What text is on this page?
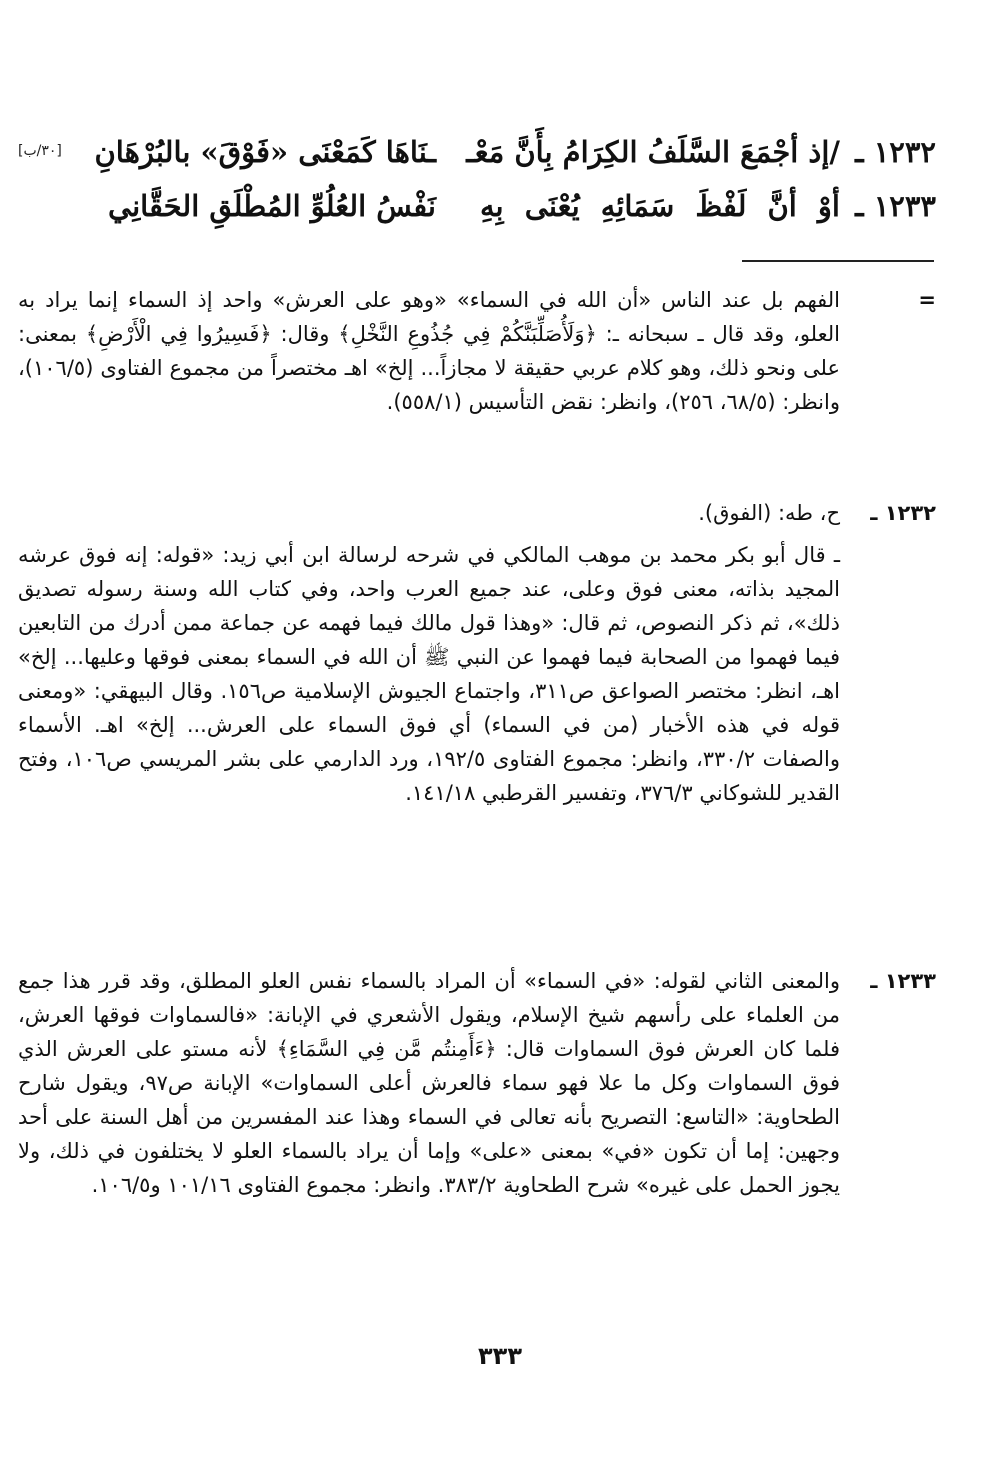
١٢٣٢ ـ
/إذ أجْمَعَ السَّلَفُ الكِرَامُ بِأَنَّ مَعْـ
ـنَاهَا كَمَعْنَى «فَوْقَ» بالبُرْهَانِ
[٣٠/ب]
١٢٣٣ ـ
أوْ أنَّ لَفْظَ سَمَائِهِ يُعْنَى بِهِ
نَفْسُ العُلُوِّ المُطْلَقِ الحَقَّانِي
=
الفهم بل عند الناس «أن الله في السماء» «وهو على العرش» واحد إذ السماء إنما يراد به العلو، وقد قال ـ سبحانه ـ: ﴿وَلَأُصَلِّبَنَّكُمْ فِي جُذُوعِ النَّخْلِ﴾ وقال: ﴿فَسِيرُوا فِي الْأَرْضِ﴾ بمعنى: على ونحو ذلك، وهو كلام عربي حقيقة لا مجازاً... إلخ» اهـ مختصراً من مجموع الفتاوى (١٠٦/٥)، وانظر: (٦٨/٥، ٢٥٦)، وانظر: نقض التأسيس (٥٥٨/١).
١٢٣٢ ـ
ح، طه: (الفوق).
ـ قال أبو بكر محمد بن موهب المالكي في شرحه لرسالة ابن أبي زيد: «قوله: إنه فوق عرشه المجيد بذاته، معنى فوق وعلى، عند جميع العرب واحد، وفي كتاب الله وسنة رسوله تصديق ذلك»، ثم ذكر النصوص، ثم قال: «وهذا قول مالك فيما فهمه عن جماعة ممن أدرك من التابعين فيما فهموا من الصحابة فيما فهموا عن النبي ﷺ أن الله في السماء بمعنى فوقها وعليها... إلخ» اهـ، انظر: مختصر الصواعق ص٣١١، واجتماع الجيوش الإسلامية ص١٥٦. وقال البيهقي: «ومعنى قوله في هذه الأخبار (من في السماء) أي فوق السماء على العرش... إلخ» اهـ. الأسماء والصفات ٣٣٠/٢، وانظر: مجموع الفتاوى ١٩٢/٥، ورد الدارمي على بشر المريسي ص١٠٦، وفتح القدير للشوكاني ٣٧٦/٣، وتفسير القرطبي ١٤١/١٨.
١٢٣٣ ـ
والمعنى الثاني لقوله: «في السماء» أن المراد بالسماء نفس العلو المطلق، وقد قرر هذا جمع من العلماء على رأسهم شيخ الإسلام، ويقول الأشعري في الإبانة: «فالسماوات فوقها العرش، فلما كان العرش فوق السماوات قال: ﴿ءَأَمِنتُم مَّن فِي السَّمَاءِ﴾ لأنه مستو على العرش الذي فوق السماوات وكل ما علا فهو سماء فالعرش أعلى السماوات» الإبانة ص٩٧، ويقول شارح الطحاوية: «التاسع: التصريح بأنه تعالى في السماء وهذا عند المفسرين من أهل السنة على أحد وجهين: إما أن تكون «في» بمعنى «على» وإما أن يراد بالسماء العلو لا يختلفون في ذلك، ولا يجوز الحمل على غيره» شرح الطحاوية ٣٨٣/٢. وانظر: مجموع الفتاوى ١٠١/١٦ و١٠٦/٥.
٣٣٣
